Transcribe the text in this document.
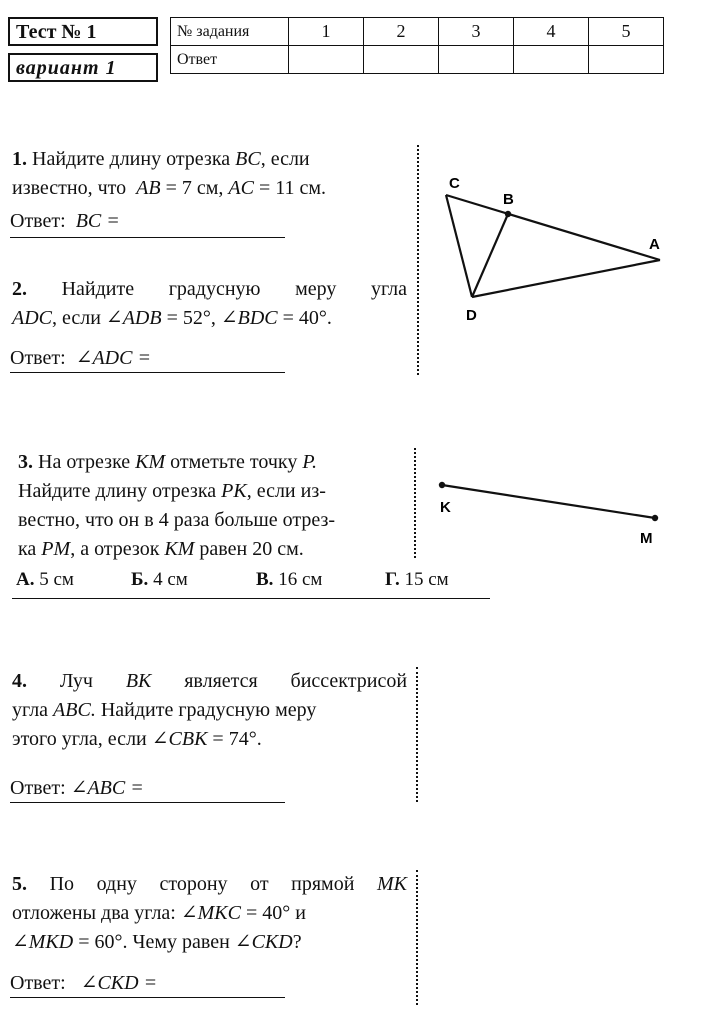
Тест № 1
вариант 1
№ задания	1	2	3	4	5
Ответ					
1. Найдите длину отрезка BC, если
известно, что AB = 7 см, AC = 11 см.
Ответ: BC =
2. Найдите градусную меру угла
ADC, если ∠ADB = 52°, ∠BDC = 40°.
Ответ: ∠ADC =
3. На отрезке KM отметьте точку P.
Найдите длину отрезка PK, если из-
вестно, что он в 4 раза больше отрез-
ка PM, а отрезок KM равен 20 см.
А. 5 см	Б. 4 см	В. 16 см	Г. 15 см
4. Луч BK является биссектрисой
угла ABC. Найдите градусную меру
этого угла, если ∠CBK = 74°.
Ответ: ∠ABC =
5. По одну сторону от прямой MK
отложены два угла: ∠MKC = 40° и
∠MKD = 60°. Чему равен ∠CKD?
Ответ: ∠CKD =
C
B
A
D
K
M
